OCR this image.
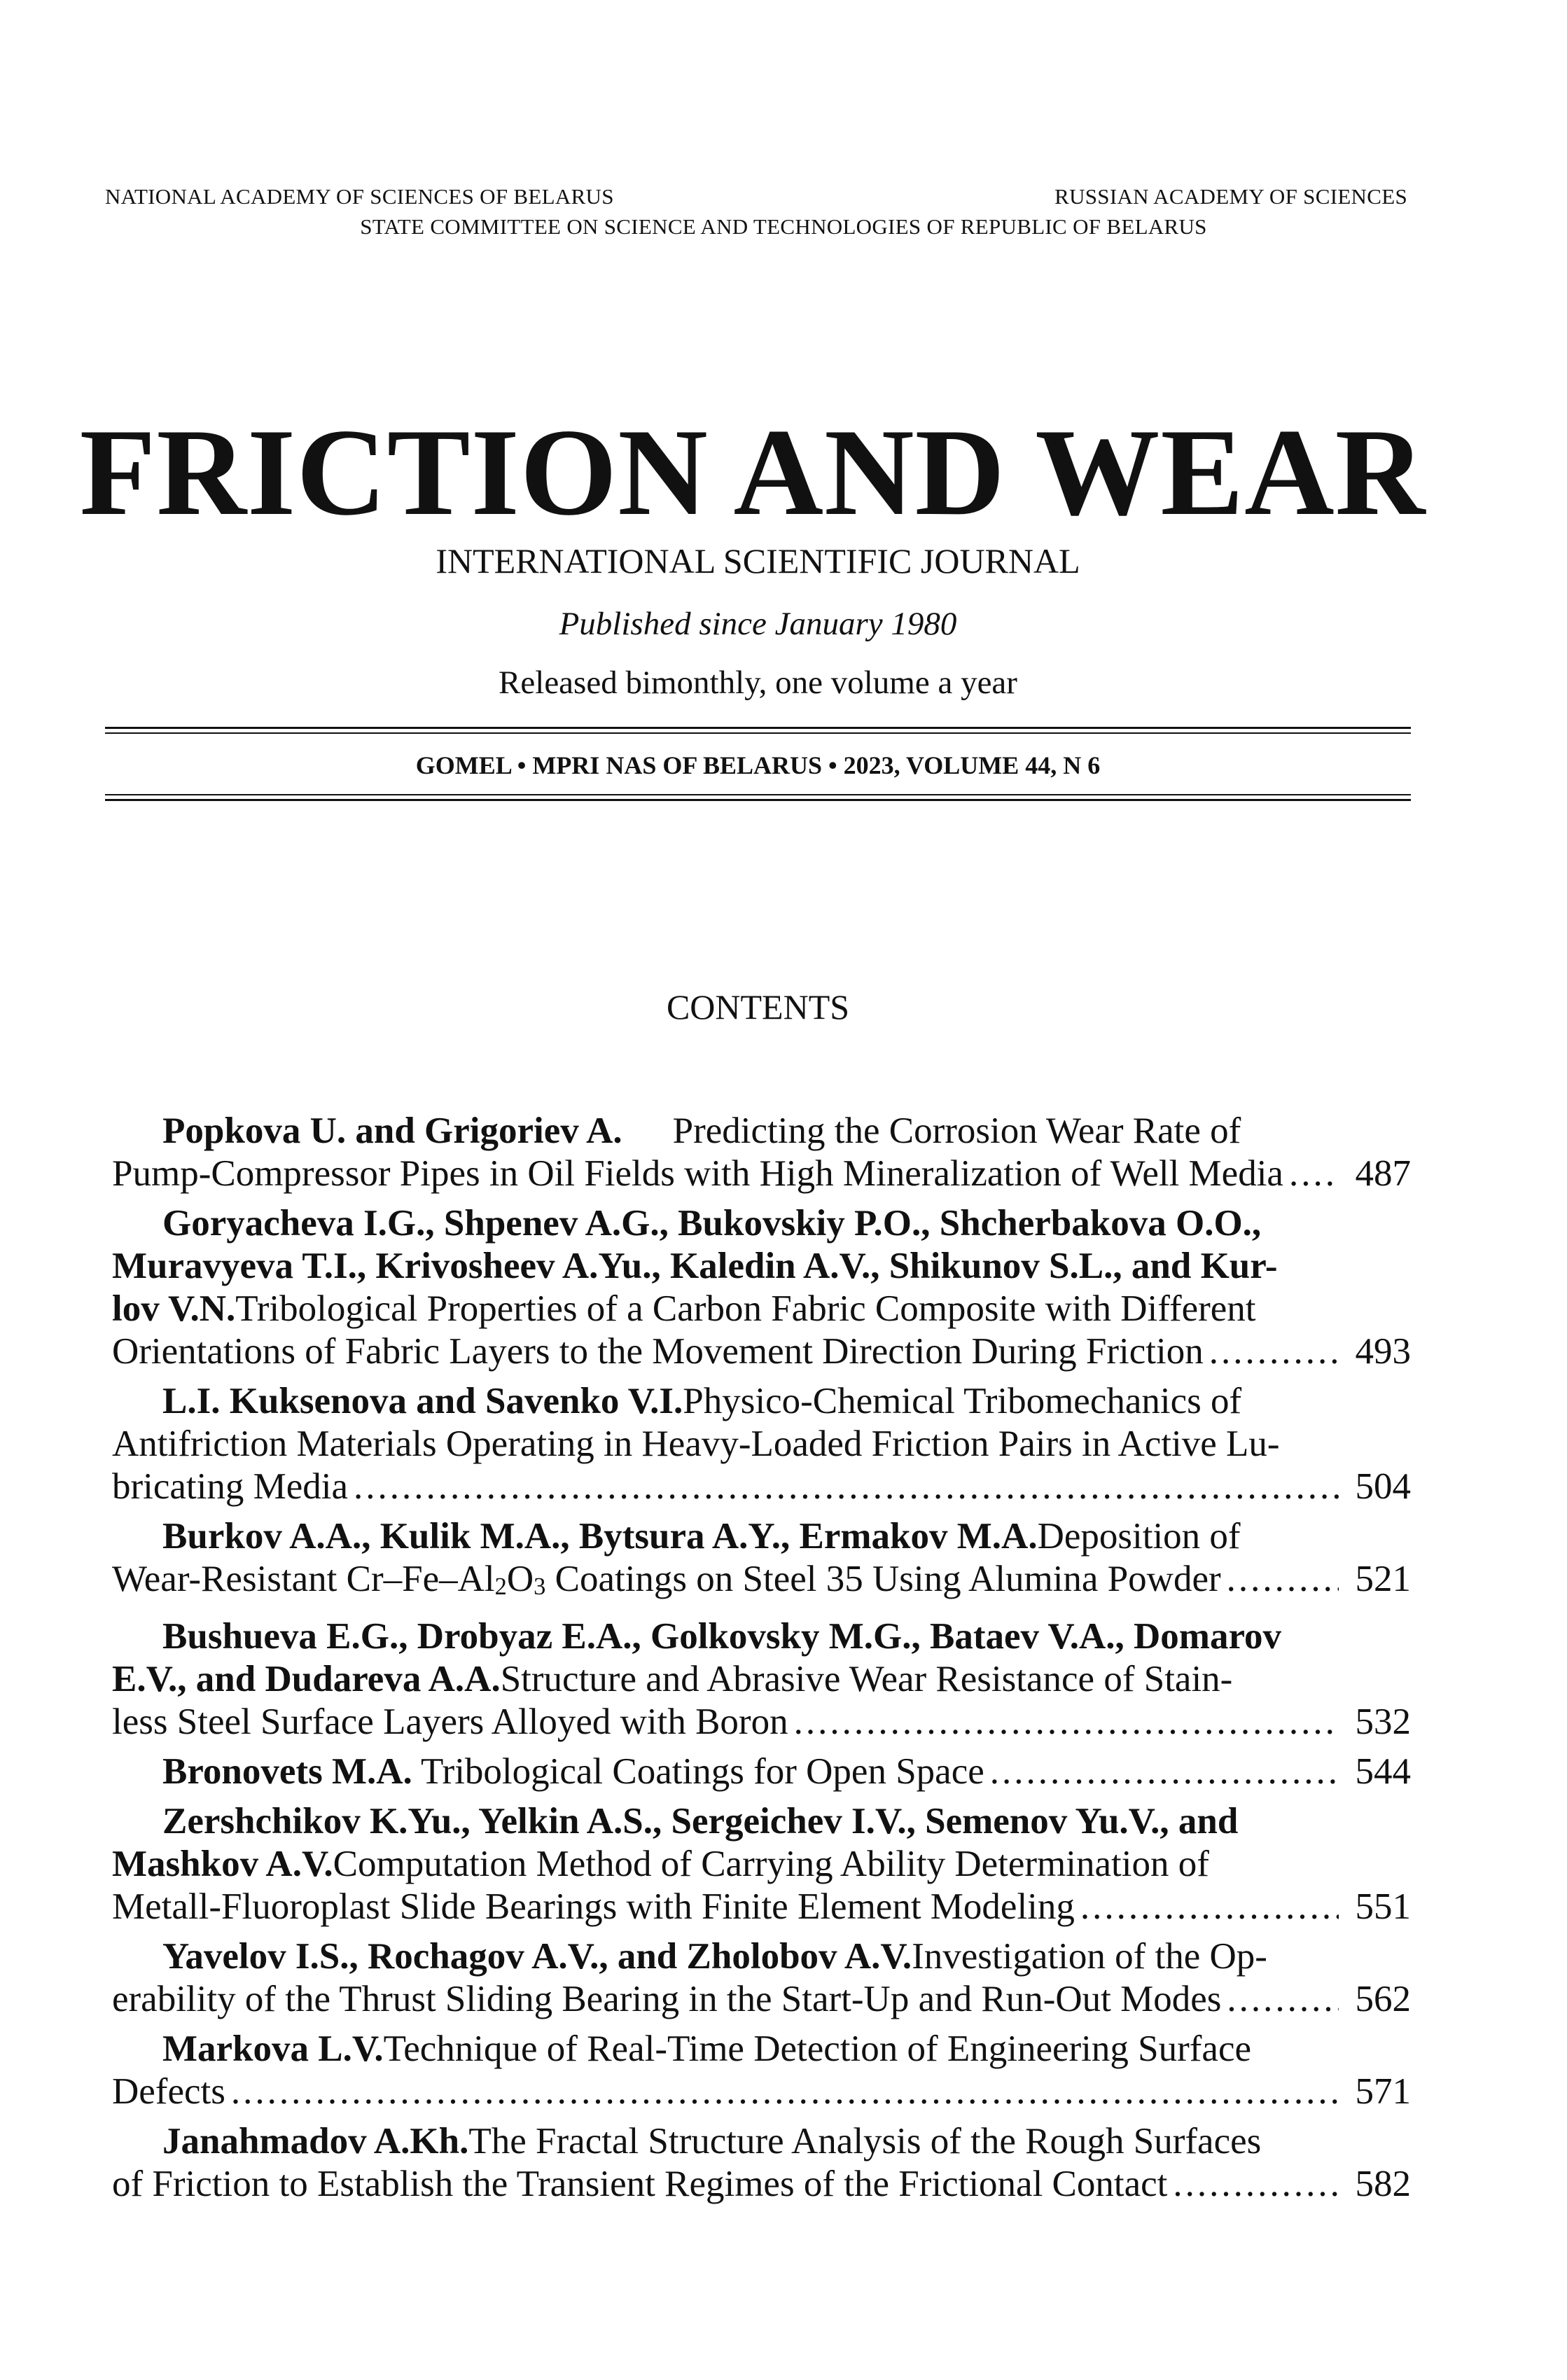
NATIONAL ACADEMY OF SCIENCES OF BELARUS	RUSSIAN ACADEMY OF SCIENCES
STATE COMMITTEE ON SCIENCE AND TECHNOLOGIES OF REPUBLIC OF BELARUS
FRICTION AND WEAR
INTERNATIONAL SCIENTIFIC JOURNAL
Published since January 1980
Released bimonthly, one volume a year
GOMEL • MPRI NAS OF BELARUS • 2023, VOLUME 44, N 6
CONTENTS
Popkova U. and Grigoriev A.	Predicting the Corrosion Wear Rate of
Pump-Compressor Pipes in Oil Fields with High Mineralization of Well Media ..... 487
Goryacheva I.G., Shpenev A.G., Bukovskiy P.O., Shcherbakova O.O.,
Muravyeva T.I., Krivosheev A.Yu., Kaledin A.V., Shikunov S.L., and Kur-
lov V.N. Tribological Properties of a Carbon Fabric Composite with Different
Orientations of Fabric Layers to the Movement Direction During Friction .....	493
L.I. Kuksenova and Savenko V.I. Physico-Chemical Tribomechanics of
Antifriction Materials Operating in Heavy-Loaded Friction Pairs in Active Lu-
bricating Media .....	504
Burkov A.A., Kulik M.A., Bytsura A.Y., Ermakov M.A. Deposition of
Wear-Resistant $Cr-Fe-Al_2O_3$ Coatings on Steel 35 Using Alumina Powder .....	521
Bushueva E.G., Drobyaz E.A., Golkovsky M.G., Bataev V.A., Domarov
E.V., and Dudareva A.A. Structure and Abrasive Wear Resistance of Stain-
less Steel Surface Layers Alloyed with Boron .....	532
Bronovets M.A. Tribological Coatings for Open Space .....	544
Zershchikov K.Yu., Yelkin A.S., Sergeichev I.V., Semenov Yu.V., and
Mashkov A.V. Computation Method of Carrying Ability Determination of
Metall-Fluoroplast Slide Bearings with Finite Element Modeling .....	551
Yavelov I.S., Rochagov A.V., and Zholobov A.V. Investigation of the Op-
erability of the Thrust Sliding Bearing in the Start-Up and Run-Out Modes .....	562
Markova L.V. Technique of Real-Time Detection of Engineering Surface
Defects .....	571
Janahmadov A.Kh. The Fractal Structure Analysis of the Rough Surfaces
of Friction to Establish the Transient Regimes of the Frictional Contact .....	582
